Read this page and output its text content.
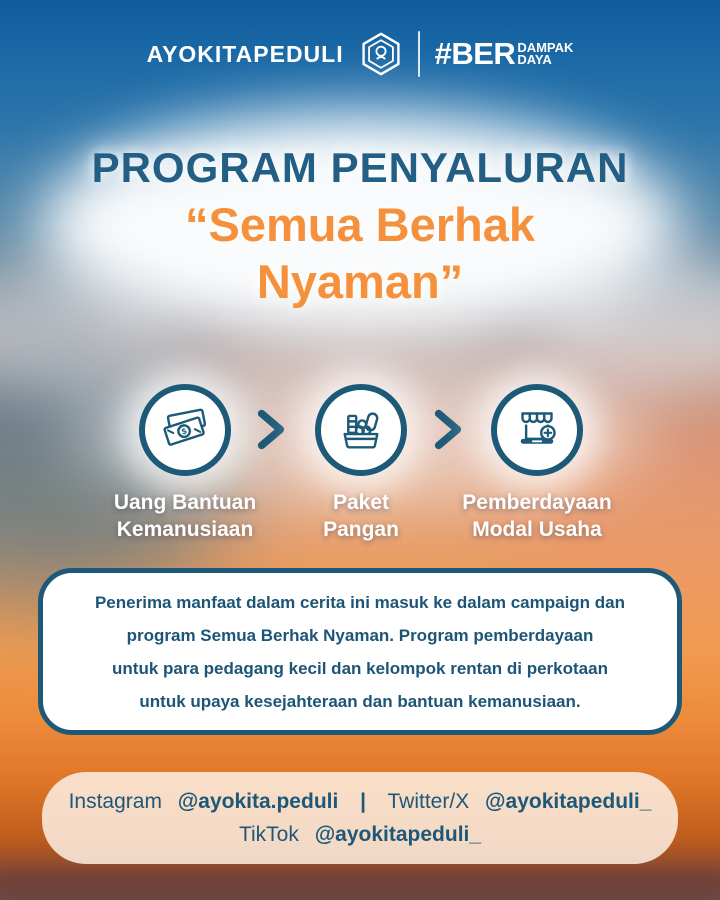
AYOKITAPEDULI	#BER DAMPAK
DAYA
PROGRAM PENYALURAN
“Semua Berhak
Nyaman”
$
Uang Bantuan
Kemanusiaan
Paket
Pangan
Pemberdayaan
Modal Usaha
Penerima manfaat dalam cerita ini masuk ke dalam campaign dan
program Semua Berhak Nyaman. Program pemberdayaan
untuk para pedagang kecil dan kelompok rentan di perkotaan
untuk upaya kesejahteraan dan bantuan kemanusiaan.
Instagram @ayokita.peduli | Twitter/X @ayokitapeduli_
TikTok @ayokitapeduli_
